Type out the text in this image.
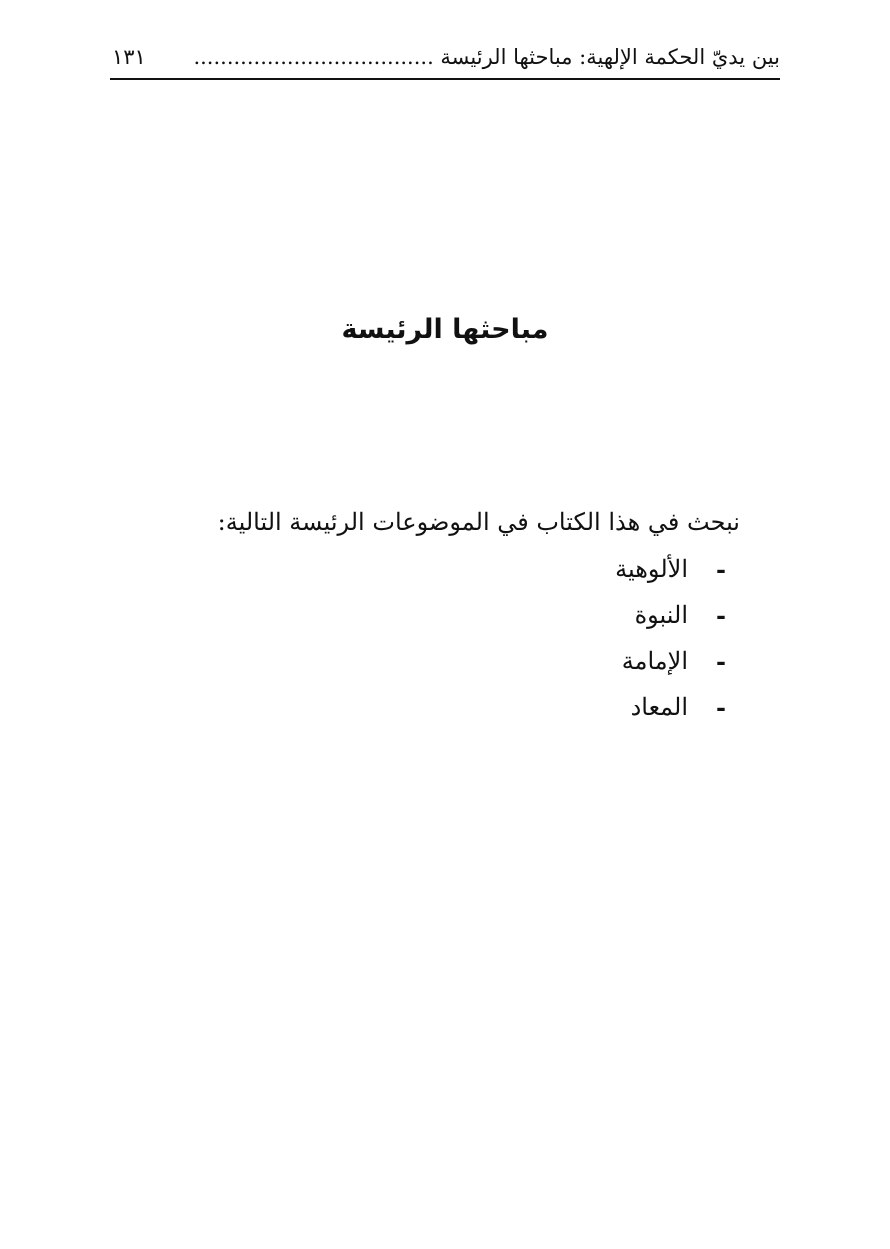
بين يديّ الحكمة الإلهية: مباحثها الرئيسة ....................................
١٣١
مباحثها الرئيسة
نبحث في هذا الكتاب في الموضوعات الرئيسة التالية:
-
الألوهية
-
النبوة
-
الإمامة
-
المعاد
